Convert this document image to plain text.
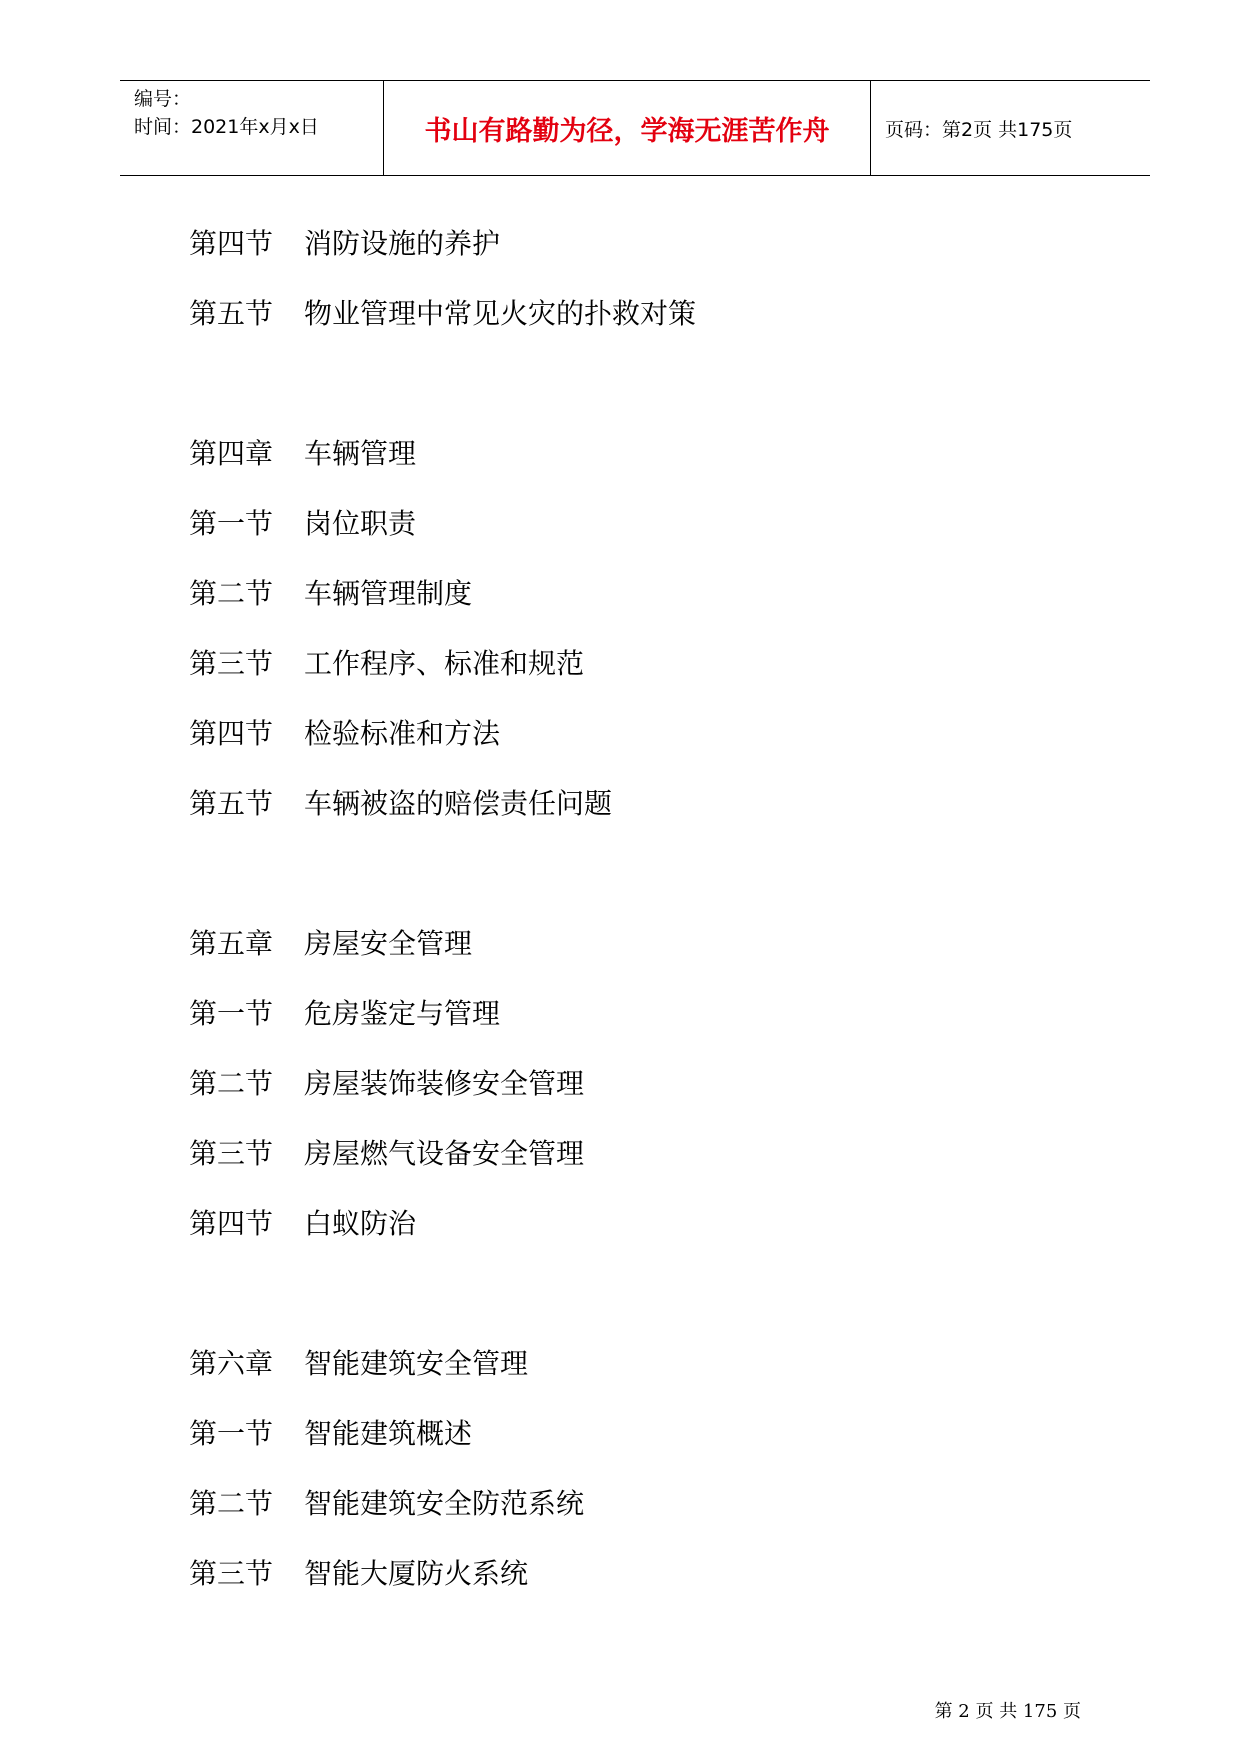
编号：
时间：2021年x月x日	书山有路勤为径，学海无涯苦作舟	页码：第2页 共175页
第四节	消防设施的养护
第五节	物业管理中常见火灾的扑救对策
第四章	车辆管理
第一节	岗位职责
第二节	车辆管理制度
第三节	工作程序、标准和规范
第四节	检验标准和方法
第五节	车辆被盗的赔偿责任问题
第五章	房屋安全管理
第一节	危房鉴定与管理
第二节	房屋装饰装修安全管理
第三节	房屋燃气设备安全管理
第四节	白蚁防治
第六章	智能建筑安全管理
第一节	智能建筑概述
第二节	智能建筑安全防范系统
第三节	智能大厦防火系统
第 2 页 共 175 页
